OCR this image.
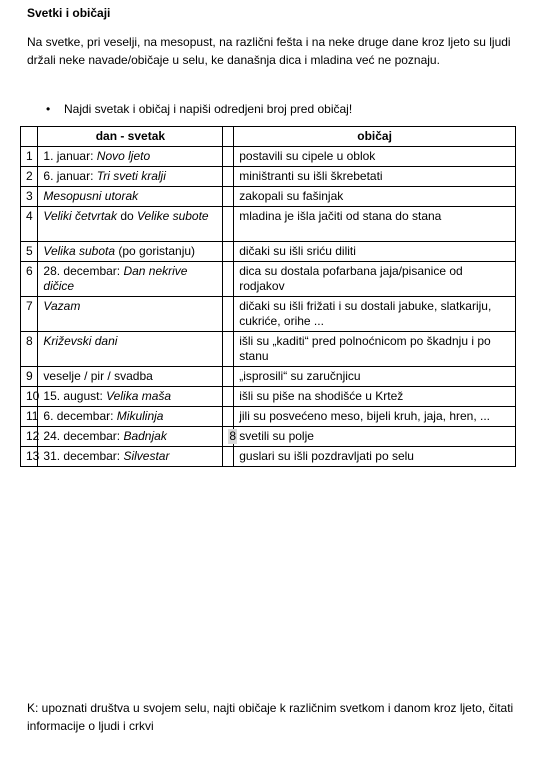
Svetki i običaji
Na svetke, pri veselji, na mesopust, na različni fešta i na neke druge dane kroz ljeto su ljudi držali neke navade/običaje u selu, ke današnja dica i mladina već ne poznaju.
•	Najdi svetak i običaj i napiši odredjeni broj pred običaj!
	dan - svetak		običaj
1	1. januar: Novo ljeto		postavili su cipele u oblok
2	6. januar: Tri sveti kralji		miništranti su išli škrebetati
3	Mesopusni utorak		zakopali su fašinjak
4	Veliki četvrtak do Velike subote		mladina je išla jačiti od stana do stana
5	Velika subota (po goristanju)		dičaki su išli sriću diliti
6	28. decembar: Dan nekrive dičice		dica su dostala pofarbana jaja/pisanice od rodjakov
7	Vazam		dičaki su išli frižati i su dostali jabuke, slatkariju, cukriće, orihe ...
8	Križevski dani		išli su „kaditi“ pred polnoćnicom po škadnju i po stanu
9	veselje / pir / svadba		„isprosili“ su zaručnjicu
10	15. august: Velika maša		išli su piše na shodišće u Krtež
11	6. decembar: Mikulinja		jili su posvećeno meso, bijeli kruh, jaja, hren, ...
12	24. decembar: Badnjak	8	svetili su polje
13	31. decembar: Silvestar		guslari su išli pozdravljati po selu
K: upoznati društva u svojem selu, najti običaje k različnim svetkom i danom kroz ljeto, čitati informacije o ljudi i crkvi
